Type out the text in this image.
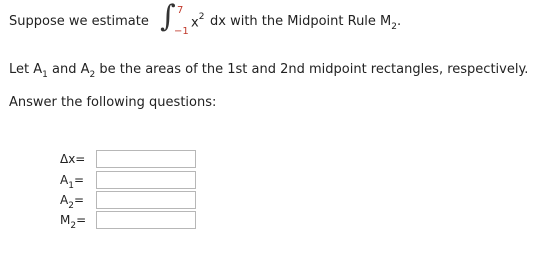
Suppose we estimate ∫ 7
−1
$x^2$ dx with the Midpoint Rule $M_2$.
Let $A_1$ and $A_2$ be the areas of the 1st and 2nd midpoint rectangles, respectively.
Answer the following questions:
Δx=
$A_1=$
$A_2=$
$M_2=$
